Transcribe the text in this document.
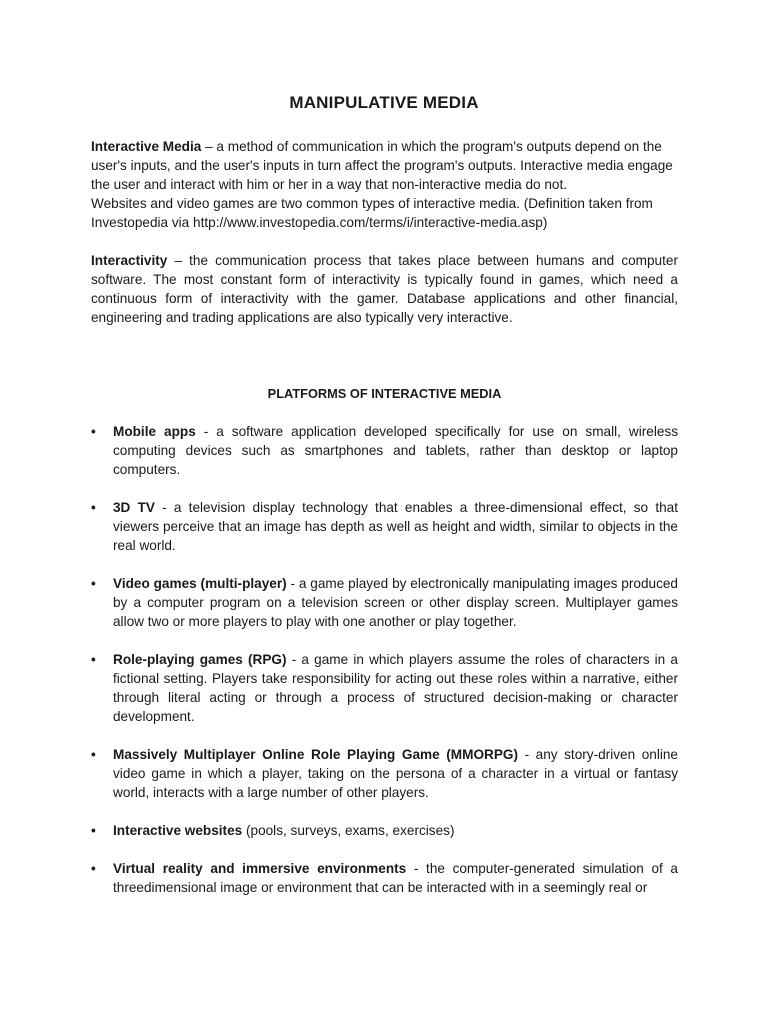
MANIPULATIVE MEDIA

Interactive Media – a method of communication in which the program's outputs depend on the user's inputs, and the user's inputs in turn affect the program's outputs. Interactive media engage the user and interact with him or her in a way that non-interactive media do not.

Websites and video games are two common types of interactive media. (Definition taken from Investopedia via http://www.investopedia.com/terms/i/interactive-media.asp)

Interactivity – the communication process that takes place between humans and computer software. The most constant form of interactivity is typically found in games, which need a continuous form of interactivity with the gamer. Database applications and other financial, engineering and trading applications are also typically very interactive.

PLATFORMS OF INTERACTIVE MEDIA

• Mobile apps - a software application developed specifically for use on small, wireless computing devices such as smartphones and tablets, rather than desktop or laptop computers.
• 3D TV - a television display technology that enables a three-dimensional effect, so that viewers perceive that an image has depth as well as height and width, similar to objects in the real world.
• Video games (multi-player) - a game played by electronically manipulating images produced by a computer program on a television screen or other display screen. Multiplayer games allow two or more players to play with one another or play together.
• Role-playing games (RPG) - a game in which players assume the roles of characters in a fictional setting. Players take responsibility for acting out these roles within a narrative, either through literal acting or through a process of structured decision-making or character development.
• Massively Multiplayer Online Role Playing Game (MMORPG) - any story-driven online video game in which a player, taking on the persona of a character in a virtual or fantasy world, interacts with a large number of other players.
• Interactive websites (pools, surveys, exams, exercises)
• Virtual reality and immersive environments - the computer-generated simulation of a threedimensional image or environment that can be interacted with in a seemingly real or
